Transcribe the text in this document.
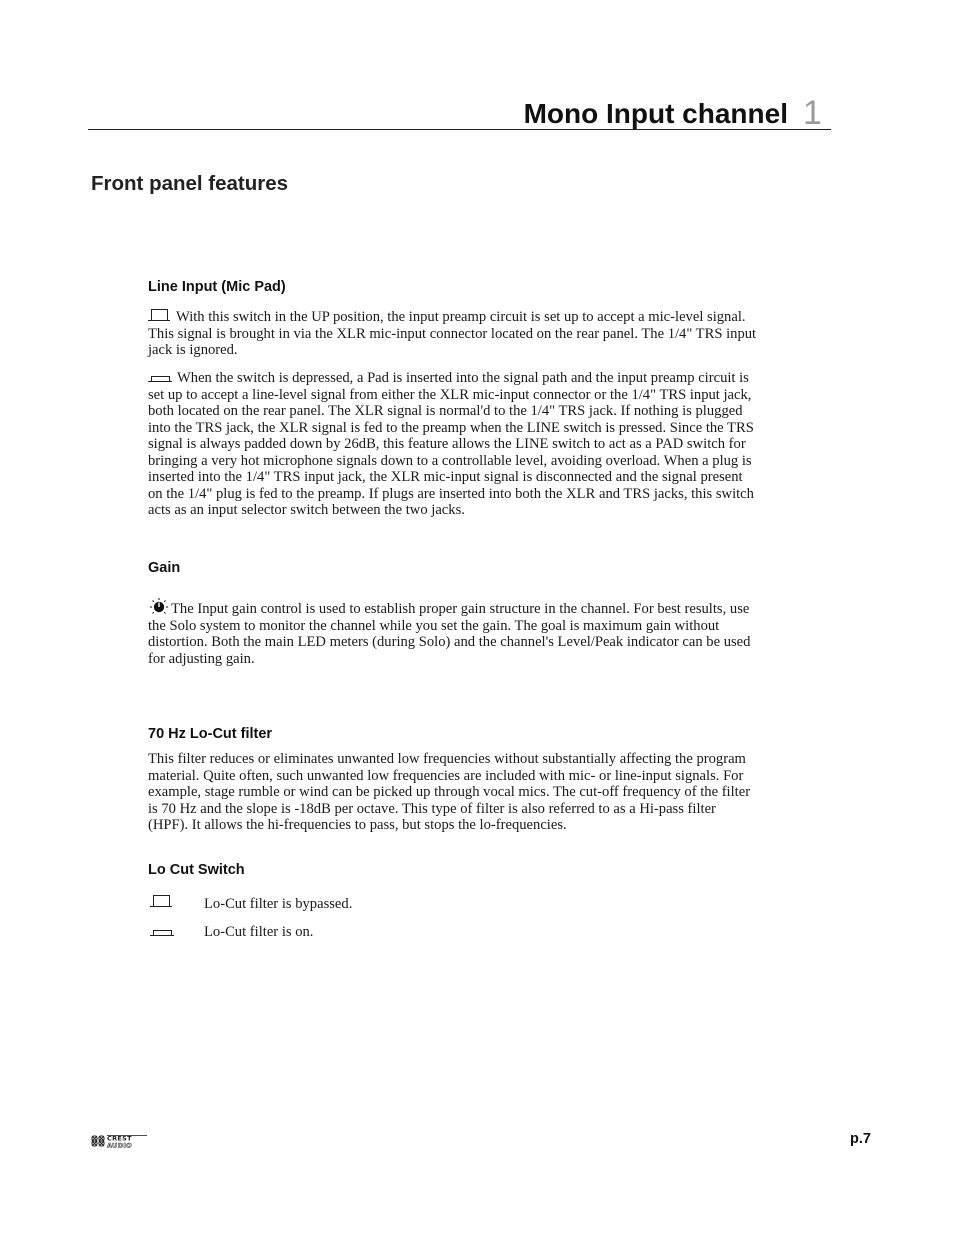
Mono Input channel 1
Front panel features
Line Input (Mic Pad)
With this switch in the UP position, the input preamp circuit is set up to accept a mic-level signal. This signal is brought in via the XLR mic-input connector located on the rear panel. The 1/4" TRS input jack is ignored.
When the switch is depressed, a Pad is inserted into the signal path and the input preamp circuit is set up to accept a line-level signal from either the XLR mic-input connector or the 1/4" TRS input jack, both located on the rear panel. The XLR signal is normal'd to the 1/4" TRS jack. If nothing is plugged into the TRS jack, the XLR signal is fed to the preamp when the LINE switch is pressed. Since the TRS signal is always padded down by 26dB, this feature allows the LINE switch to act as a PAD switch for bringing a very hot microphone signals down to a controllable level, avoiding overload. When a plug is inserted into the 1/4" TRS input jack, the XLR mic-input signal is disconnected and the signal present on the 1/4" plug is fed to the preamp. If plugs are inserted into both the XLR and TRS jacks, this switch acts as an input selector switch between the two jacks.
Gain
The Input gain control is used to establish proper gain structure in the channel. For best results, use the Solo system to monitor the channel while you set the gain. The goal is maximum gain without distortion. Both the main LED meters (during Solo) and the channel's Level/Peak indicator can be used for adjusting gain.
70 Hz Lo-Cut filter
This filter reduces or eliminates unwanted low frequencies without substantially affecting the program material. Quite often, such unwanted low frequencies are included with mic- or line-input signals. For example, stage rumble or wind can be picked up through vocal mics. The cut-off frequency of the filter is 70 Hz and the slope is -18dB per octave. This type of filter is also referred to as a Hi-pass filter (HPF). It allows the hi-frequencies to pass, but stops the lo-frequencies.
Lo Cut Switch
Lo-Cut filter is bypassed.
Lo-Cut filter is on.
CREST
AUDIO	p.7
